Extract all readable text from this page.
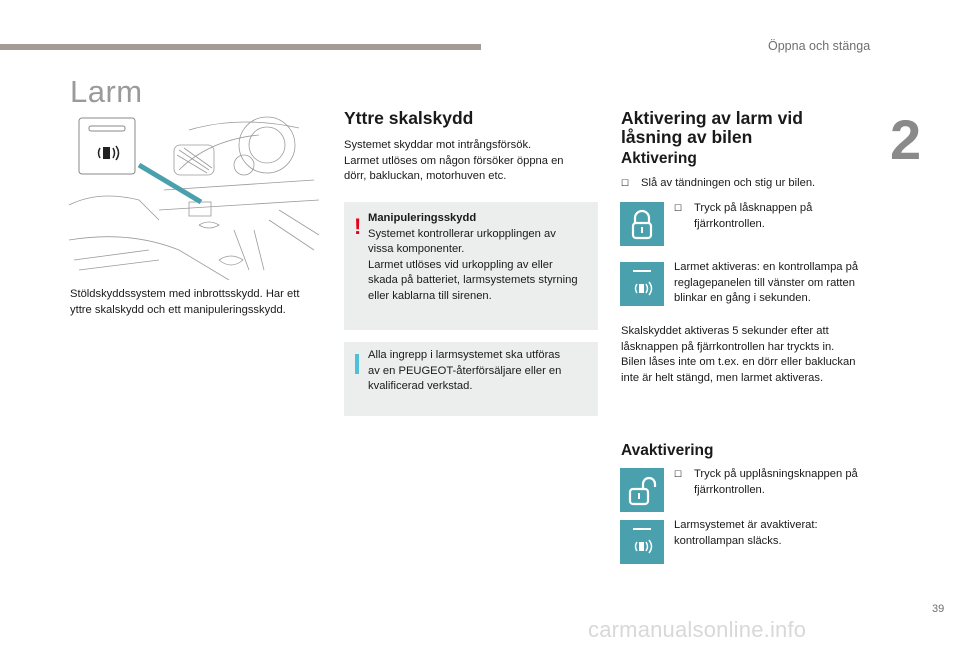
Öppna och stänga
2
Larm
Stöldskyddssystem med inbrottsskydd. Har ett yttre skalskydd och ett manipuleringsskydd.
Yttre skalskydd
Systemet skyddar mot intrångsförsök.
Larmet utlöses om någon försöker öppna en
dörr, bakluckan, motorhuven etc.
! Manipuleringsskydd
Systemet kontrollerar urkopplingen av
vissa komponenter.
Larmet utlöses vid urkoppling av eller
skada på batteriet, larmsystemets styrning
eller kablarna till sirenen.
Alla ingrepp i larmsystemet ska utföras
av en PEUGEOT-återförsäljare eller en
kvalificerad verkstad.
Aktivering av larm vid
låsning av bilen
Aktivering
☐ Slå av tändningen och stig ur bilen.
☐ Tryck på låsknappen på
fjärrkontrollen.
Larmet aktiveras: en kontrollampa på
reglagepanelen till vänster om ratten
blinkar en gång i sekunden.
Skalskyddet aktiveras 5 sekunder efter att
låsknappen på fjärrkontrollen har tryckts in.
Bilen låses inte om t.ex. en dörr eller bakluckan
inte är helt stängd, men larmet aktiveras.
Avaktivering
☐ Tryck på upplåsningsknappen på
fjärrkontrollen.
Larmsystemet är avaktiverat:
kontrollampan släcks.
39
carmanualsonline.info
